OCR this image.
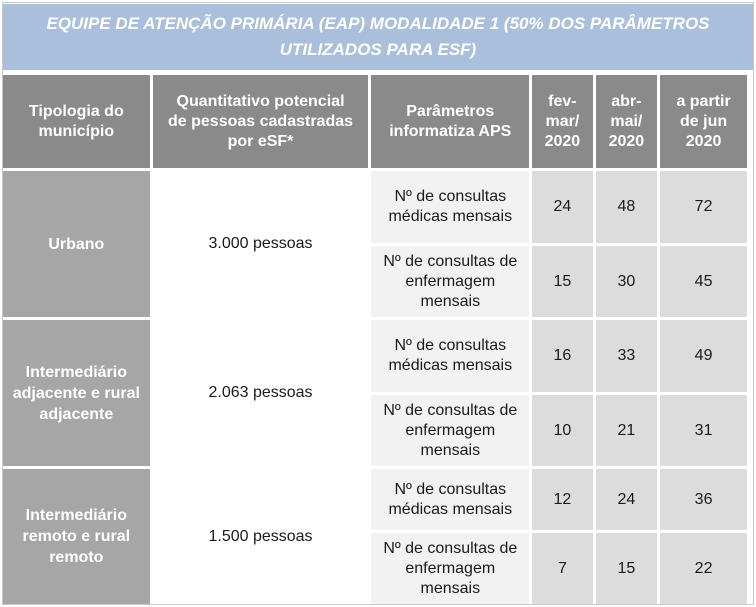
EQUIPE DE ATENÇÃO PRIMÁRIA (EAP) MODALIDADE 1 (50% DOS PARÂMETROS UTILIZADOS PARA ESF)
Tipologia do município	Quantitativo potencial de pessoas cadastradas por eSF*	Parâmetros informatiza APS	fev-mar/ 2020	abr-mai/ 2020	a partir de jun 2020
Urbano	3.000 pessoas	Nº de consultas médicas mensais	24	48	72
		Nº de consultas de enfermagem mensais	15	30	45
Intermediário adjacente e rural adjacente	2.063 pessoas	Nº de consultas médicas mensais	16	33	49
		Nº de consultas de enfermagem mensais	10	21	31
Intermediário remoto e rural remoto	1.500 pessoas	Nº de consultas médicas mensais	12	24	36
		Nº de consultas de enfermagem mensais	7	15	22
